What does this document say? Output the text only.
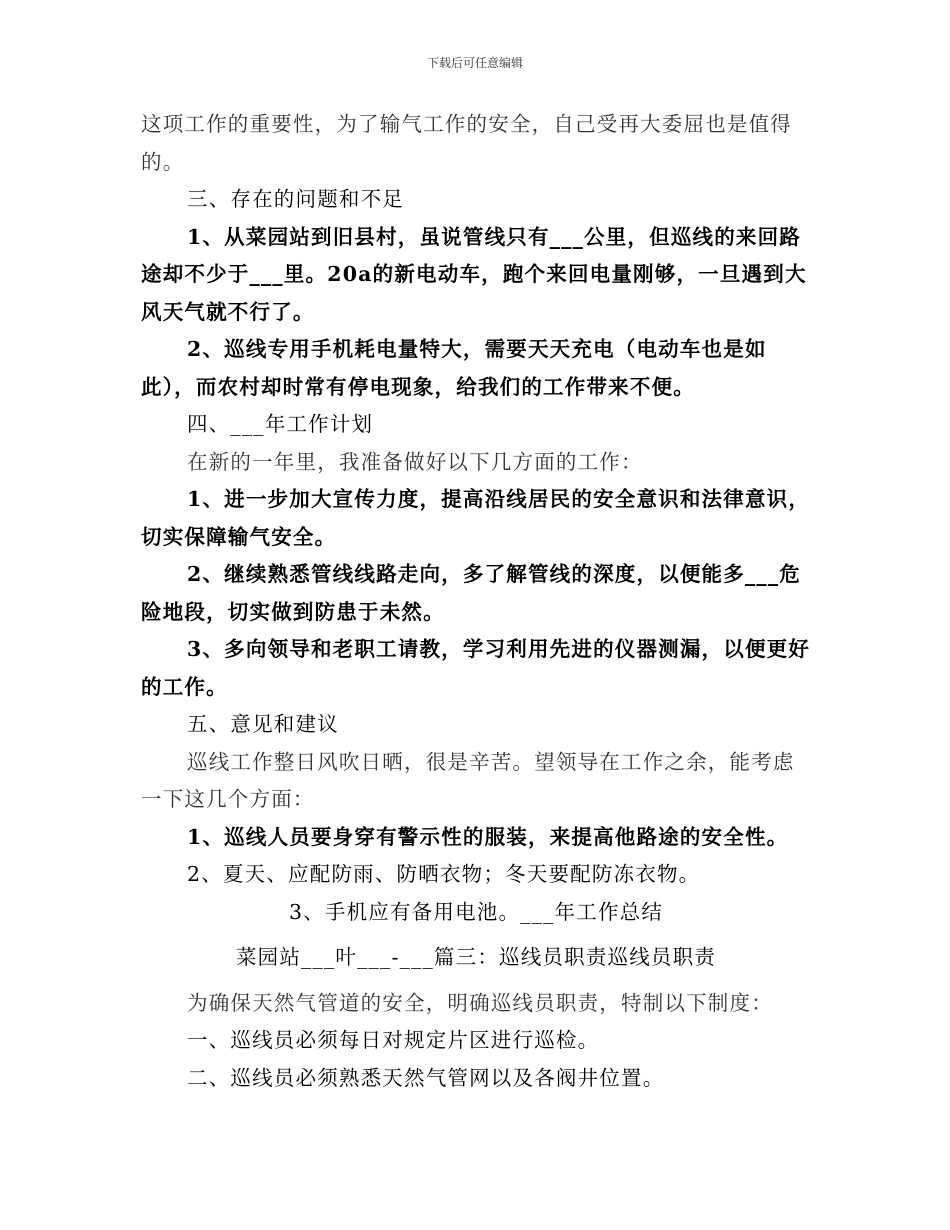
下载后可任意编辑

这项工作的重要性，为了输气工作的安全，自己受再大委屈也是值得的。

三、存在的问题和不足

1、从菜园站到旧县村，虽说管线只有___公里，但巡线的来回路途却不少于___里。20a的新电动车，跑个来回电量刚够，一旦遇到大风天气就不行了。

2、巡线专用手机耗电量特大，需要天天充电（电动车也是如此），而农村却时常有停电现象，给我们的工作带来不便。

四、___年工作计划

在新的一年里，我准备做好以下几方面的工作：

1、进一步加大宣传力度，提高沿线居民的安全意识和法律意识，切实保障输气安全。

2、继续熟悉管线线路走向，多了解管线的深度，以便能多___危险地段，切实做到防患于未然。

3、多向领导和老职工请教，学习利用先进的仪器测漏，以便更好的工作。

五、意见和建议

巡线工作整日风吹日晒，很是辛苦。望领导在工作之余，能考虑一下这几个方面：

1、巡线人员要身穿有警示性的服装，来提高他路途的安全性。

2、夏天、应配防雨、防晒衣物；冬天要配防冻衣物。

3、手机应有备用电池。___年工作总结

菜园站___叶___-___篇三：巡线员职责巡线员职责

为确保天然气管道的安全，明确巡线员职责，特制以下制度：

一、巡线员必须每日对规定片区进行巡检。

二、巡线员必须熟悉天然气管网以及各阀井位置。
